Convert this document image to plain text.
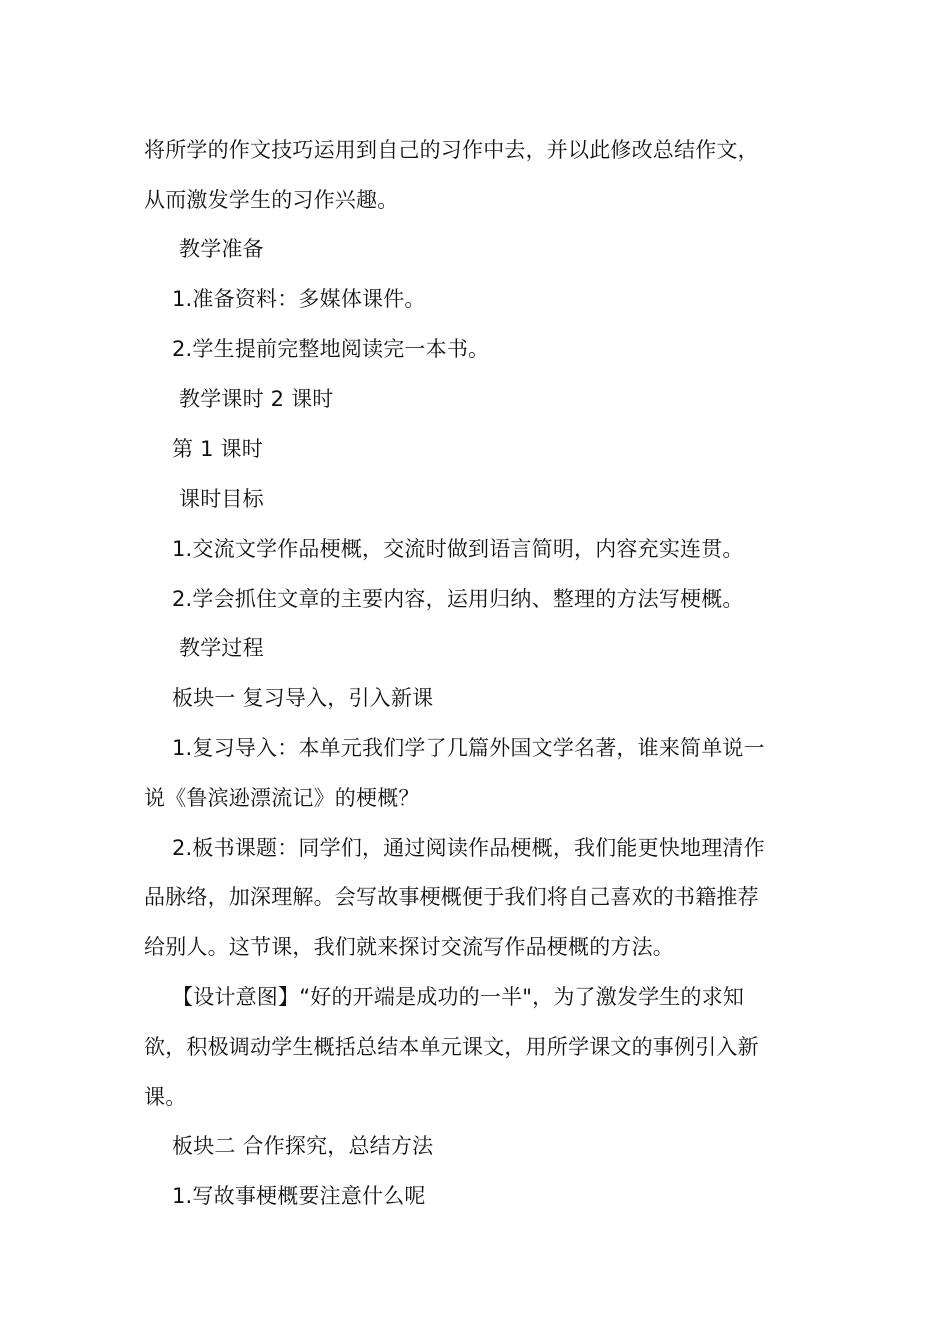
将所学的作文技巧运用到自己的习作中去，并以此修改总结作文，
从而激发学生的习作兴趣。
教学准备
1.准备资料：多媒体课件。
2.学生提前完整地阅读完一本书。
教学课时 2 课时
第 1 课时
课时目标
1.交流文学作品梗概，交流时做到语言简明，内容充实连贯。
2.学会抓住文章的主要内容，运用归纳、整理的方法写梗概。
教学过程
板块一 复习导入，引入新课
1.复习导入：本单元我们学了几篇外国文学名著，谁来简单说一
说《鲁滨逊漂流记》的梗概？
2.板书课题：同学们，通过阅读作品梗概，我们能更快地理清作
品脉络，加深理解。会写故事梗概便于我们将自己喜欢的书籍推荐
给别人。这节课，我们就来探讨交流写作品梗概的方法。
【设计意图】“好的开端是成功的一半"，为了激发学生的求知
欲，积极调动学生概括总结本单元课文，用所学课文的事例引入新
课。
板块二 合作探究，总结方法
1.写故事梗概要注意什么呢
